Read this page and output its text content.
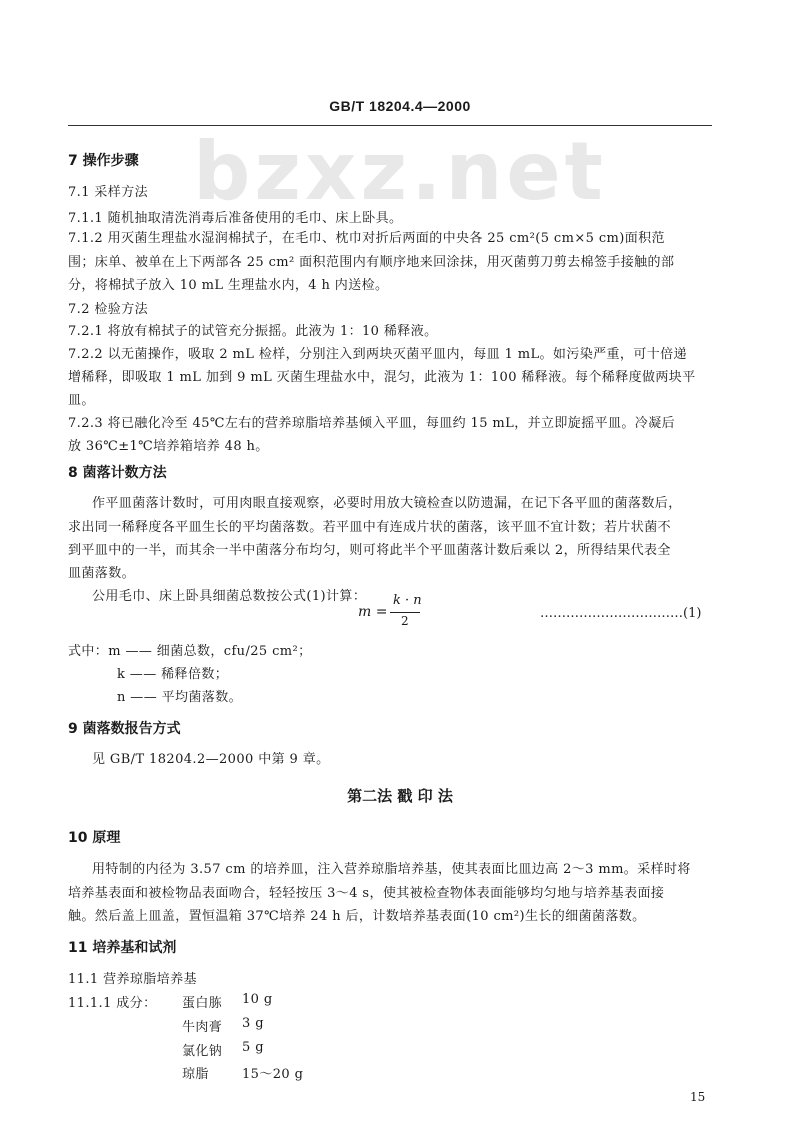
GB/T 18204.4—2000
bzxz.net
7 操作步骤
7.1 采样方法
7.1.1 随机抽取清洗消毒后准备使用的毛巾、床上卧具。
7.1.2 用灭菌生理盐水湿润棉拭子，在毛巾、枕巾对折后两面的中央各 25 cm²(5 cm×5 cm)面积范
围；床单、被单在上下两部各 25 cm² 面积范围内有顺序地来回涂抹，用灭菌剪刀剪去棉签手接触的部
分，将棉拭子放入 10 mL 生理盐水内，4 h 内送检。
7.2 检验方法
7.2.1 将放有棉拭子的试管充分振摇。此液为 1：10 稀释液。
7.2.2 以无菌操作，吸取 2 mL 检样，分别注入到两块灭菌平皿内，每皿 1 mL。如污染严重，可十倍递
增稀释，即吸取 1 mL 加到 9 mL 灭菌生理盐水中，混匀，此液为 1：100 稀释液。每个稀释度做两块平
皿。
7.2.3 将已融化冷至 45℃左右的营养琼脂培养基倾入平皿，每皿约 15 mL，并立即旋摇平皿。冷凝后
放 36℃±1℃培养箱培养 48 h。
8 菌落计数方法
作平皿菌落计数时，可用肉眼直接观察，必要时用放大镜检查以防遗漏，在记下各平皿的菌落数后，
求出同一稀释度各平皿生长的平均菌落数。若平皿中有连成片状的菌落，该平皿不宜计数；若片状菌不
到平皿中的一半，而其余一半中菌落分布均匀，则可将此半个平皿菌落计数后乘以 2，所得结果代表全
皿菌落数。
公用毛巾、床上卧具细菌总数按公式(1)计算：
m =
k · n
2	……………………………(1)
式中：m —— 细菌总数，cfu/25 cm²；
k —— 稀释倍数；
n —— 平均菌落数。
9 菌落数报告方式
见 GB/T 18204.2—2000 中第 9 章。
第二法 戳 印 法
10 原理
用特制的内径为 3.57 cm 的培养皿，注入营养琼脂培养基，使其表面比皿边高 2～3 mm。采样时将
培养基表面和被检物品表面吻合，轻轻按压 3～4 s，使其被检查物体表面能够均匀地与培养基表面接
触。然后盖上皿盖，置恒温箱 37℃培养 24 h 后，计数培养基表面(10 cm²)生长的细菌菌落数。
11 培养基和试剂
11.1 营养琼脂培养基
11.1.1 成分： 蛋白胨 10 g
牛肉膏 3 g
氯化钠 5 g
琼脂	15～20 g
15
